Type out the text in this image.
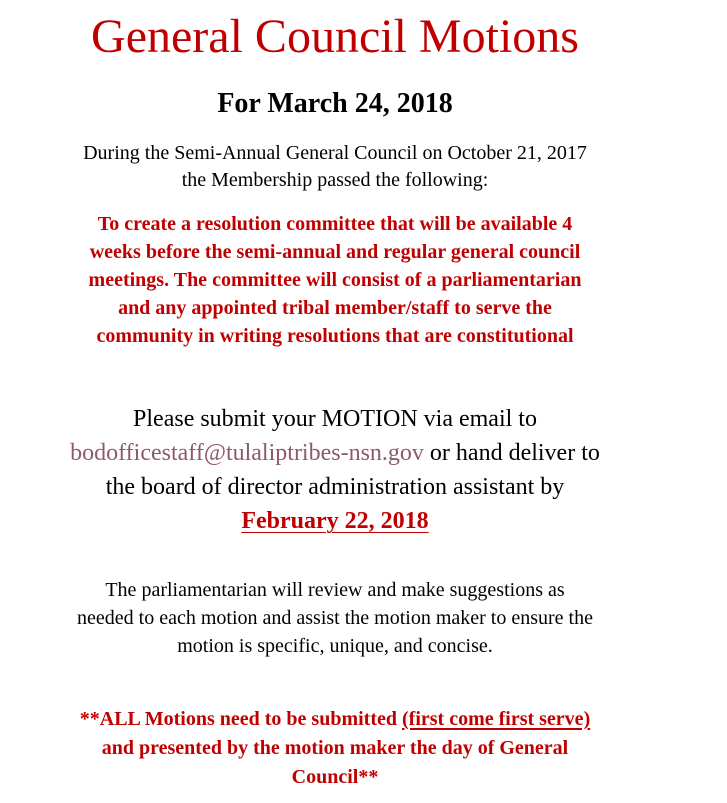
General Council Motions
For March 24, 2018

During the Semi-Annual General Council on October 21, 2017
the Membership passed the following:

To create a resolution committee that will be available 4
weeks before the semi-annual and regular general council
meetings. The committee will consist of a parliamentarian
and any appointed tribal member/staff to serve the
community in writing resolutions that are constitutional

Please submit your MOTION via email to
bodofficestaff@tulaliptribes-nsn.gov or hand deliver to
the board of director administration assistant by
February 22, 2018

The parliamentarian will review and make suggestions as
needed to each motion and assist the motion maker to ensure the
motion is specific, unique, and concise.

**ALL Motions need to be submitted (first come first serve)
and presented by the motion maker the day of General
Council**
